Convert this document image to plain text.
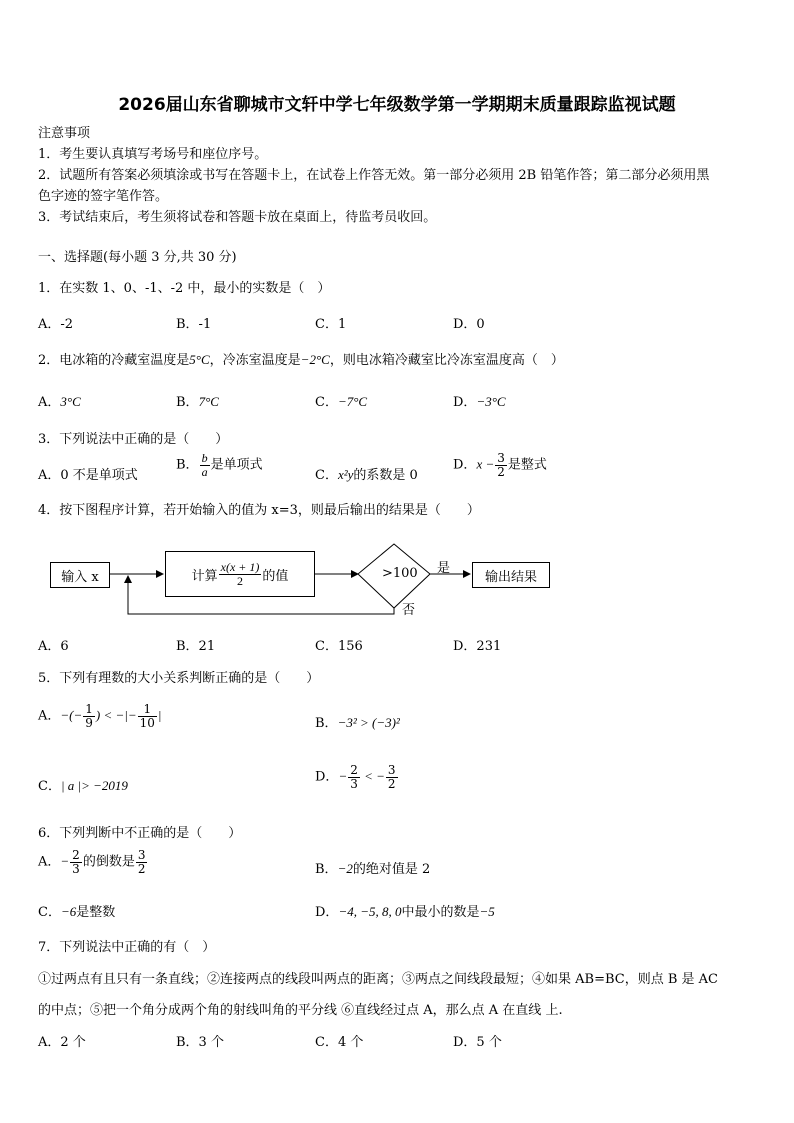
2026届山东省聊城市文轩中学七年级数学第一学期期末质量跟踪监视试题
注意事项
1．考生要认真填写考场号和座位序号。
2．试题所有答案必须填涂或书写在答题卡上，在试卷上作答无效。第一部分必须用 2B 铅笔作答；第二部分必须用黑
色字迹的签字笔作答。
3．考试结束后，考生须将试卷和答题卡放在桌面上，待监考员收回。
一、选择题(每小题 3 分,共 30 分)
1．在实数 1、0、-1、-2 中，最小的实数是（　）
A．-2	B．-1	C．1	D．0
2．电冰箱的冷藏室温度是5°C，冷冻室温度是−2°C，则电冰箱冷藏室比冷冻室温度高（　）
A．3°C	B．7°C	C．−7°C	D．−3°C
3．下列说法中正确的是（　　）
A．0 不是单项式
B． $\frac{b}{a}$ 是单项式
C．x²y的系数是 0
D．$x - \frac{3}{2}$ 是整式
4．按下图程序计算，若开始输入的值为 x=3，则最后输出的结果是（　　）
输入 x	计算 $\frac{x(x + 1)}{2}$ 的值	>100 是
否
输出结果
A．6	B．21	C．156	D．231
5．下列有理数的大小关系判断正确的是（　　）
A．−(− $\frac{1}{9}$ ) < −|− $\frac{1}{10}$ |
B．−3² > (−3)²
C．| a |> −2019
D．− $\frac{2}{3}$ < − $\frac{3}{2}$
6．下列判断中不正确的是（　　）
A．− $\frac{2}{3}$ 的倒数是 $\frac{3}{2}$	B．−2的绝对值是 2
C．−6是整数	D．−4, −5, 8, 0中最小的数是−5
7．下列说法中正确的有（　）
①过两点有且只有一条直线；②连接两点的线段叫两点的距离；③两点之间线段最短；④如果 AB=BC，则点 B 是 AC
的中点；⑤把一个角分成两个角的射线叫角的平分线 ⑥直线经过点 A，那么点 A 在直线 上.
A．2 个	B．3 个	C．4 个	D．5 个
